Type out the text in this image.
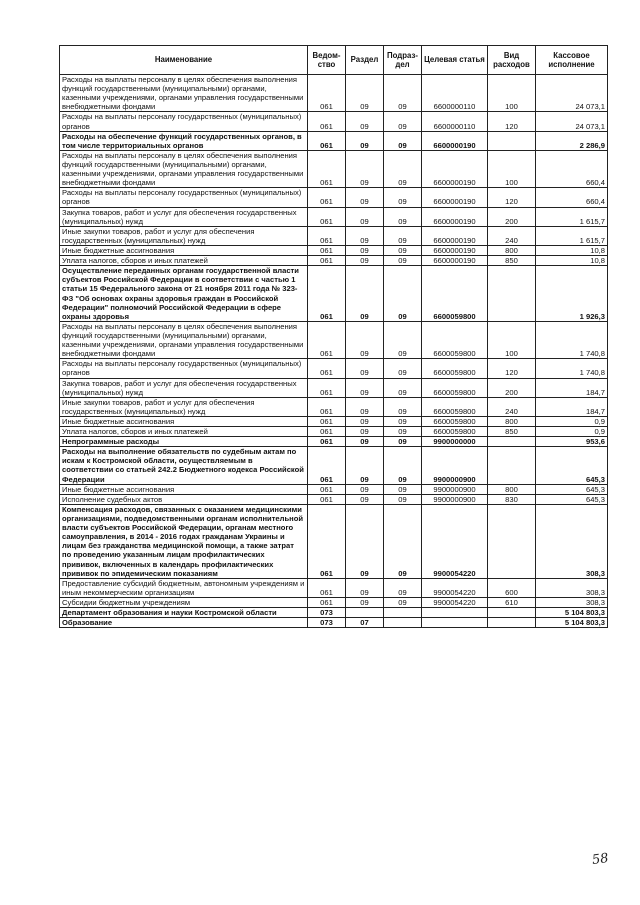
Наименование	Ведом-ство	Раздел	Подраз-дел	Целевая статья	Вид расходов	Кассовое исполнение
Расходы на выплаты персоналу в целях обеспечения выполнения функций государственными (муниципальными) органами, казенными учреждениями, органами управления государственными внебюджетными фондами	061	09	09	6600000110	100	24 073,1
Расходы на выплаты персоналу государственных (муниципальных) органов	061	09	09	6600000110	120	24 073,1
Расходы на обеспечение функций государственных органов, в том числе территориальных органов	061	09	09	6600000190		2 286,9
Расходы на выплаты персоналу в целях обеспечения выполнения функций государственными (муниципальными) органами, казенными учреждениями, органами управления государственными внебюджетными фондами	061	09	09	6600000190	100	660,4
Расходы на выплаты персоналу государственных (муниципальных) органов	061	09	09	6600000190	120	660,4
Закупка товаров, работ и услуг для обеспечения государственных (муниципальных) нужд	061	09	09	6600000190	200	1 615,7
Иные закупки товаров, работ и услуг для обеспечения государственных (муниципальных) нужд	061	09	09	6600000190	240	1 615,7
Иные бюджетные ассигнования	061	09	09	6600000190	800	10,8
Уплата налогов, сборов и иных платежей	061	09	09	6600000190	850	10,8
Осуществление переданных органам государственной власти субъектов Российской Федерации в соответствии с частью 1 статьи 15 Федерального закона от 21 ноября 2011 года № 323-ФЗ "Об основах охраны здоровья граждан в Российской Федерации" полномочий Российской Федерации в сфере охраны здоровья	061	09	09	6600059800		1 926,3
Расходы на выплаты персоналу в целях обеспечения выполнения функций государственными (муниципальными) органами, казенными учреждениями, органами управления государственными внебюджетными фондами	061	09	09	6600059800	100	1 740,8
Расходы на выплаты персоналу государственных (муниципальных) органов	061	09	09	6600059800	120	1 740,8
Закупка товаров, работ и услуг для обеспечения государственных (муниципальных) нужд	061	09	09	6600059800	200	184,7
Иные закупки товаров, работ и услуг для обеспечения государственных (муниципальных) нужд	061	09	09	6600059800	240	184,7
Иные бюджетные ассигнования	061	09	09	6600059800	800	0,9
Уплата налогов, сборов и иных платежей	061	09	09	6600059800	850	0,9
Непрограммные расходы	061	09	09	9900000000		953,6
Расходы на выполнение обязательств по судебным актам по искам к Костромской области, осуществляемым в соответствии со статьей 242.2 Бюджетного кодекса Российской Федерации	061	09	09	9900000900		645,3
Иные бюджетные ассигнования	061	09	09	9900000900	800	645,3
Исполнение судебных актов	061	09	09	9900000900	830	645,3
Компенсация расходов, связанных с оказанием медицинскими организациями, подведомственными органам исполнительной власти субъектов Российской Федерации, органам местного самоуправления, в 2014 - 2016 годах гражданам Украины и лицам без гражданства медицинской помощи, а также затрат по проведению указанным лицам профилактических прививок, включенных в календарь профилактических прививок по эпидемическим показаниям	061	09	09	9900054220		308,3
Предоставление субсидий бюджетным, автономным учреждениям и иным некоммерческим организациям	061	09	09	9900054220	600	308,3
Субсидии бюджетным учреждениям	061	09	09	9900054220	610	308,3
Департамент образования и науки Костромской области	073					5 104 803,3
Образование	073	07				5 104 803,3
58
